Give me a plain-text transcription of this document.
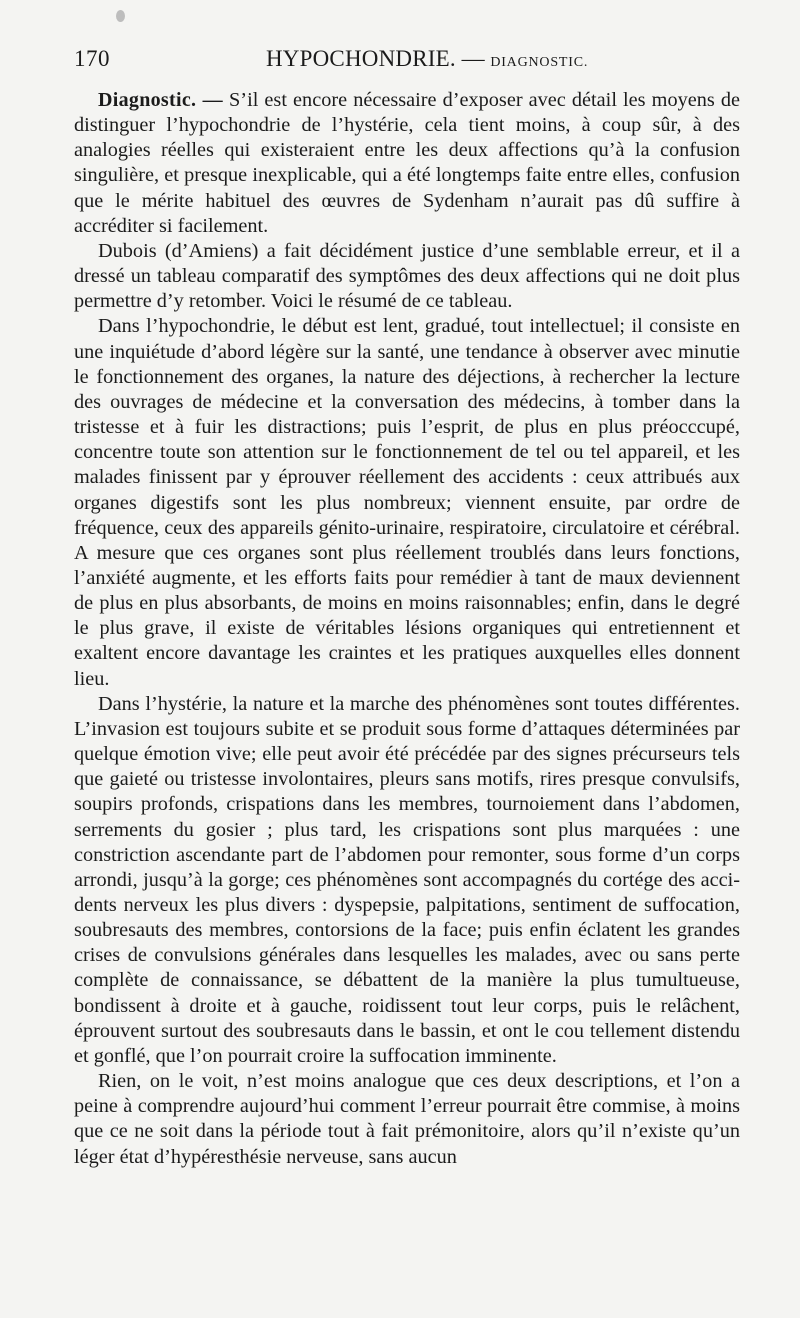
170	HYPOCHONDRIE. — DIAGNOSTIC.

Diagnostic. — S’il est encore nécessaire d’exposer avec détail les moyens de distinguer l’hypochondrie de l’hystérie, cela tient moins, à coup sûr, à des analogies réelles qui existeraient entre les deux affections qu’à la confusion singulière, et presque inexplicable, qui a été longtemps faite entre elles, confusion que le mérite habituel des œuvres de Sydenham n’aurait pas dû suffire à accréditer si facilement.

Dubois (d’Amiens) a fait décidément justice d’une semblable erreur, et il a dressé un tableau comparatif des symptômes des deux affections qui ne doit plus permettre d’y retomber. Voici le résumé de ce tableau.

Dans l’hypochondrie, le début est lent, gradué, tout intellectuel; il consiste en une inquiétude d’abord légère sur la santé, une tendance à observer avec minutie le fonctionnement des organes, la nature des déjections, à rechercher la lecture des ouvrages de médecine et la conversation des médecins, à tomber dans la tristesse et à fuir les distractions; puis l’esprit, de plus en plus préocccupé, concentre toute son attention sur le fonctionnement de tel ou tel appareil, et les malades finissent par y éprouver réellement des accidents : ceux attribués aux organes digestifs sont les plus nombreux; viennent ensuite, par ordre de fréquence, ceux des appareils génito-urinaire, respiratoire, circulatoire et cérébral. A mesure que ces organes sont plus réellement troublés dans leurs fonctions, l’anxiété augmente, et les efforts faits pour remédier à tant de maux deviennent de plus en plus absorbants, de moins en moins raisonnables; enfin, dans le degré le plus grave, il existe de véritables lésions organiques qui entretiennent et exaltent encore davantage les craintes et les pratiques auxquelles elles donnent lieu.

Dans l’hystérie, la nature et la marche des phénomènes sont toutes différentes. L’invasion est toujours subite et se produit sous forme d’attaques déterminées par quelque émotion vive; elle peut avoir été précédée par des signes précurseurs tels que gaieté ou tristesse involontaires, pleurs sans motifs, rires presque convulsifs, soupirs profonds, crispations dans les membres, tournoiement dans l’abdomen, serrements du gosier ; plus tard, les crispations sont plus marquées : une constriction ascendante part de l’abdomen pour remonter, sous forme d’un corps arrondi, jusqu’à la gorge; ces phénomènes sont accompagnés du cortége des accidents nerveux les plus divers : dyspepsie, palpitations, sentiment de suffocation, soubresauts des membres, contorsions de la face; puis enfin éclatent les grandes crises de convulsions générales dans lesquelles les malades, avec ou sans perte complète de connaissance, se débattent de la manière la plus tumultueuse, bondissent à droite et à gauche, roidissent tout leur corps, puis le relâchent, éprouvent surtout des soubresauts dans le bassin, et ont le cou tellement distendu et gonflé, que l’on pourrait croire la suffocation imminente.

Rien, on le voit, n’est moins analogue que ces deux descriptions, et l’on a peine à comprendre aujourd’hui comment l’erreur pourrait être commise, à moins que ce ne soit dans la période tout à fait prémonitoire, alors qu’il n’existe qu’un léger état d’hypéresthésie nerveuse, sans aucun
